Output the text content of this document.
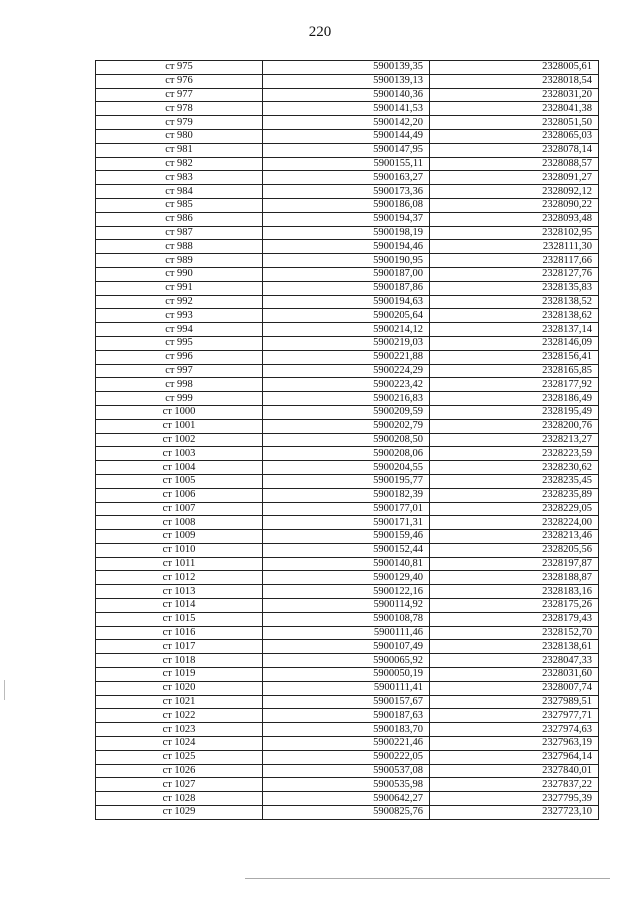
220
ст 975	5900139,35	2328005,61
ст 976	5900139,13	2328018,54
ст 977	5900140,36	2328031,20
ст 978	5900141,53	2328041,38
ст 979	5900142,20	2328051,50
ст 980	5900144,49	2328065,03
ст 981	5900147,95	2328078,14
ст 982	5900155,11	2328088,57
ст 983	5900163,27	2328091,27
ст 984	5900173,36	2328092,12
ст 985	5900186,08	2328090,22
ст 986	5900194,37	2328093,48
ст 987	5900198,19	2328102,95
ст 988	5900194,46	2328111,30
ст 989	5900190,95	2328117,66
ст 990	5900187,00	2328127,76
ст 991	5900187,86	2328135,83
ст 992	5900194,63	2328138,52
ст 993	5900205,64	2328138,62
ст 994	5900214,12	2328137,14
ст 995	5900219,03	2328146,09
ст 996	5900221,88	2328156,41
ст 997	5900224,29	2328165,85
ст 998	5900223,42	2328177,92
ст 999	5900216,83	2328186,49
ст 1000	5900209,59	2328195,49
ст 1001	5900202,79	2328200,76
ст 1002	5900208,50	2328213,27
ст 1003	5900208,06	2328223,59
ст 1004	5900204,55	2328230,62
ст 1005	5900195,77	2328235,45
ст 1006	5900182,39	2328235,89
ст 1007	5900177,01	2328229,05
ст 1008	5900171,31	2328224,00
ст 1009	5900159,46	2328213,46
ст 1010	5900152,44	2328205,56
ст 1011	5900140,81	2328197,87
ст 1012	5900129,40	2328188,87
ст 1013	5900122,16	2328183,16
ст 1014	5900114,92	2328175,26
ст 1015	5900108,78	2328179,43
ст 1016	5900111,46	2328152,70
ст 1017	5900107,49	2328138,61
ст 1018	5900065,92	2328047,33
ст 1019	5900050,19	2328031,60
ст 1020	5900111,41	2328007,74
ст 1021	5900157,67	2327989,51
ст 1022	5900187,63	2327977,71
ст 1023	5900183,70	2327974,63
ст 1024	5900221,46	2327963,19
ст 1025	5900222,05	2327964,14
ст 1026	5900537,08	2327840,01
ст 1027	5900535,98	2327837,22
ст 1028	5900642,27	2327795,39
ст 1029	5900825,76	2327723,10
